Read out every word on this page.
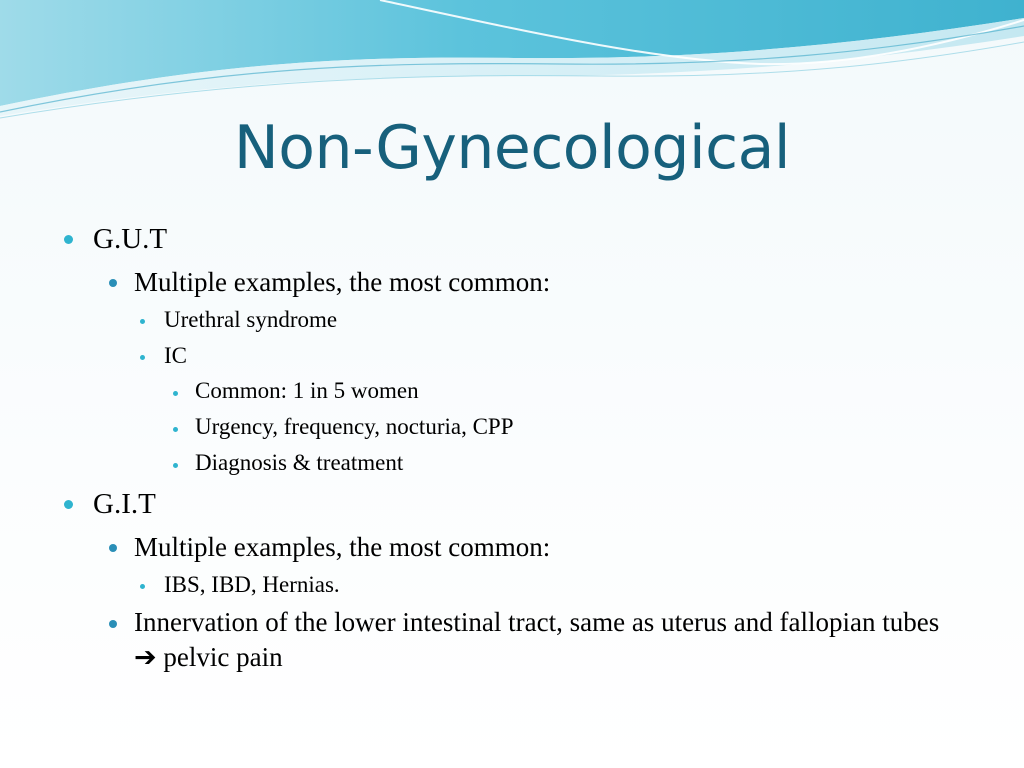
Non-Gynecological
G.U.T
Multiple examples, the most common:
Urethral syndrome
IC
Common: 1 in 5 women
Urgency, frequency, nocturia, CPP
Diagnosis & treatment
G.I.T
Multiple examples, the most common:
IBS, IBD, Hernias.
Innervation of the lower intestinal tract, same as uterus and fallopian tubes ➔ pelvic pain
